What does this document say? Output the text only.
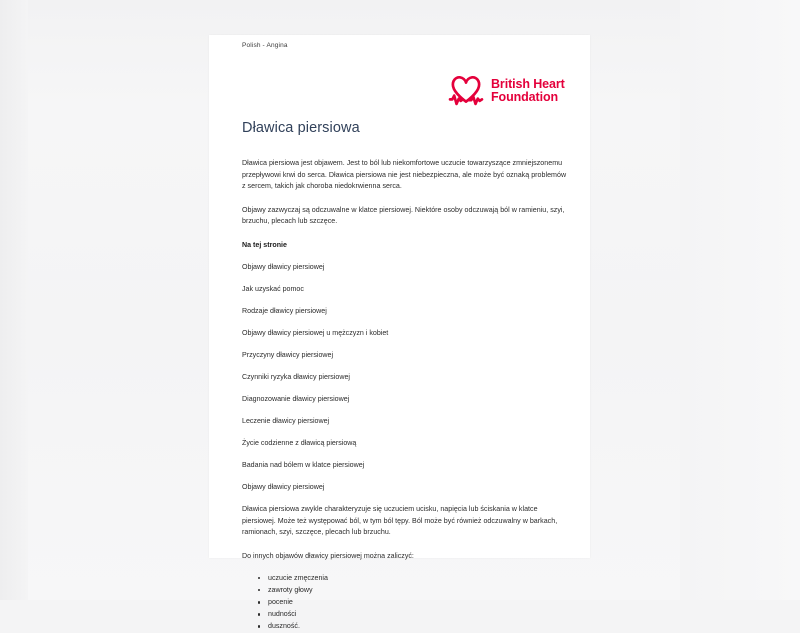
Polish - Angina
British Heart
Foundation
Dławica piersiowa

Dławica piersiowa jest objawem. Jest to ból lub niekomfortowe uczucie towarzyszące zmniejszonemu przepływowi krwi do serca. Dławica piersiowa nie jest niebezpieczna, ale może być oznaką problemów z sercem, takich jak choroba niedokrwienna serca.

Objawy zazwyczaj są odczuwalne w klatce piersiowej. Niektóre osoby odczuwają ból w ramieniu, szyi, brzuchu, plecach lub szczęce.

Na tej stronie

Objawy dławicy piersiowej

Jak uzyskać pomoc

Rodzaje dławicy piersiowej

Objawy dławicy piersiowej u mężczyzn i kobiet

Przyczyny dławicy piersiowej

Czynniki ryzyka dławicy piersiowej

Diagnozowanie dławicy piersiowej

Leczenie dławicy piersiowej

Życie codzienne z dławicą piersiową

Badania nad bólem w klatce piersiowej

Objawy dławicy piersiowej

Dławica piersiowa zwykle charakteryzuje się uczuciem ucisku, napięcia lub ściskania w klatce piersiowej. Może też występować ból, w tym ból tępy. Ból może być również odczuwalny w barkach, ramionach, szyi, szczęce, plecach lub brzuchu.

Do innych objawów dławicy piersiowej można zaliczyć:

uczucie zmęczenia
zawroty głowy
pocenie
nudności
duszność.
